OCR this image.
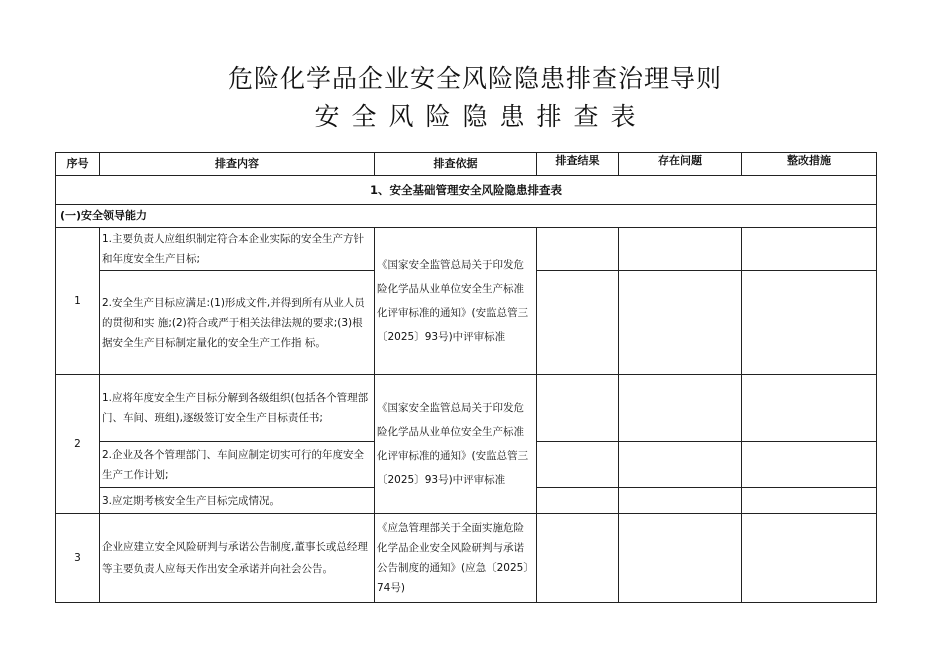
危险化学品企业安全风险隐患排查治理导则
安全风险隐患排查表
序号	排查内容	排查依据	排查结果	存在问题	整改措施
1、安全基础管理安全风险隐患排查表					
(一)安全领导能力					
1	1.主要负责人应组织制定符合本企业实际的安全生产方针和年度安全生产目标;	《国家安全监管总局关于印发危险化学品从业单位安全生产标准化评审标准的通知》(安监总管三〔2025〕93号)中评审标准			
	2.安全生产目标应满足:(1)形成文件,并得到所有从业人员的贯彻和实 施;(2)符合或严于相关法律法规的要求;(3)根据安全生产目标制定量化的安全生产工作指 标。				
2	1.应将年度安全生产目标分解到各级组织(包括各个管理部门、车间、班组),逐级签订安全生产目标责任书;	《国家安全监管总局关于印发危险化学品从业单位安全生产标准化评审标准的通知》(安监总管三〔2025〕93号)中评审标准			
	2.企业及各个管理部门、车间应制定切实可行的年度安全生产工作计划;				
	3.应定期考核安全生产目标完成情况。				
3	企业应建立安全风险研判与承诺公告制度,董事长或总经理等主要负责人应每天作出安全承诺并向社会公告。	《应急管理部关于全面实施危险化学品企业安全风险研判与承诺公告制度的通知》(应急〔2025〕74号)			
